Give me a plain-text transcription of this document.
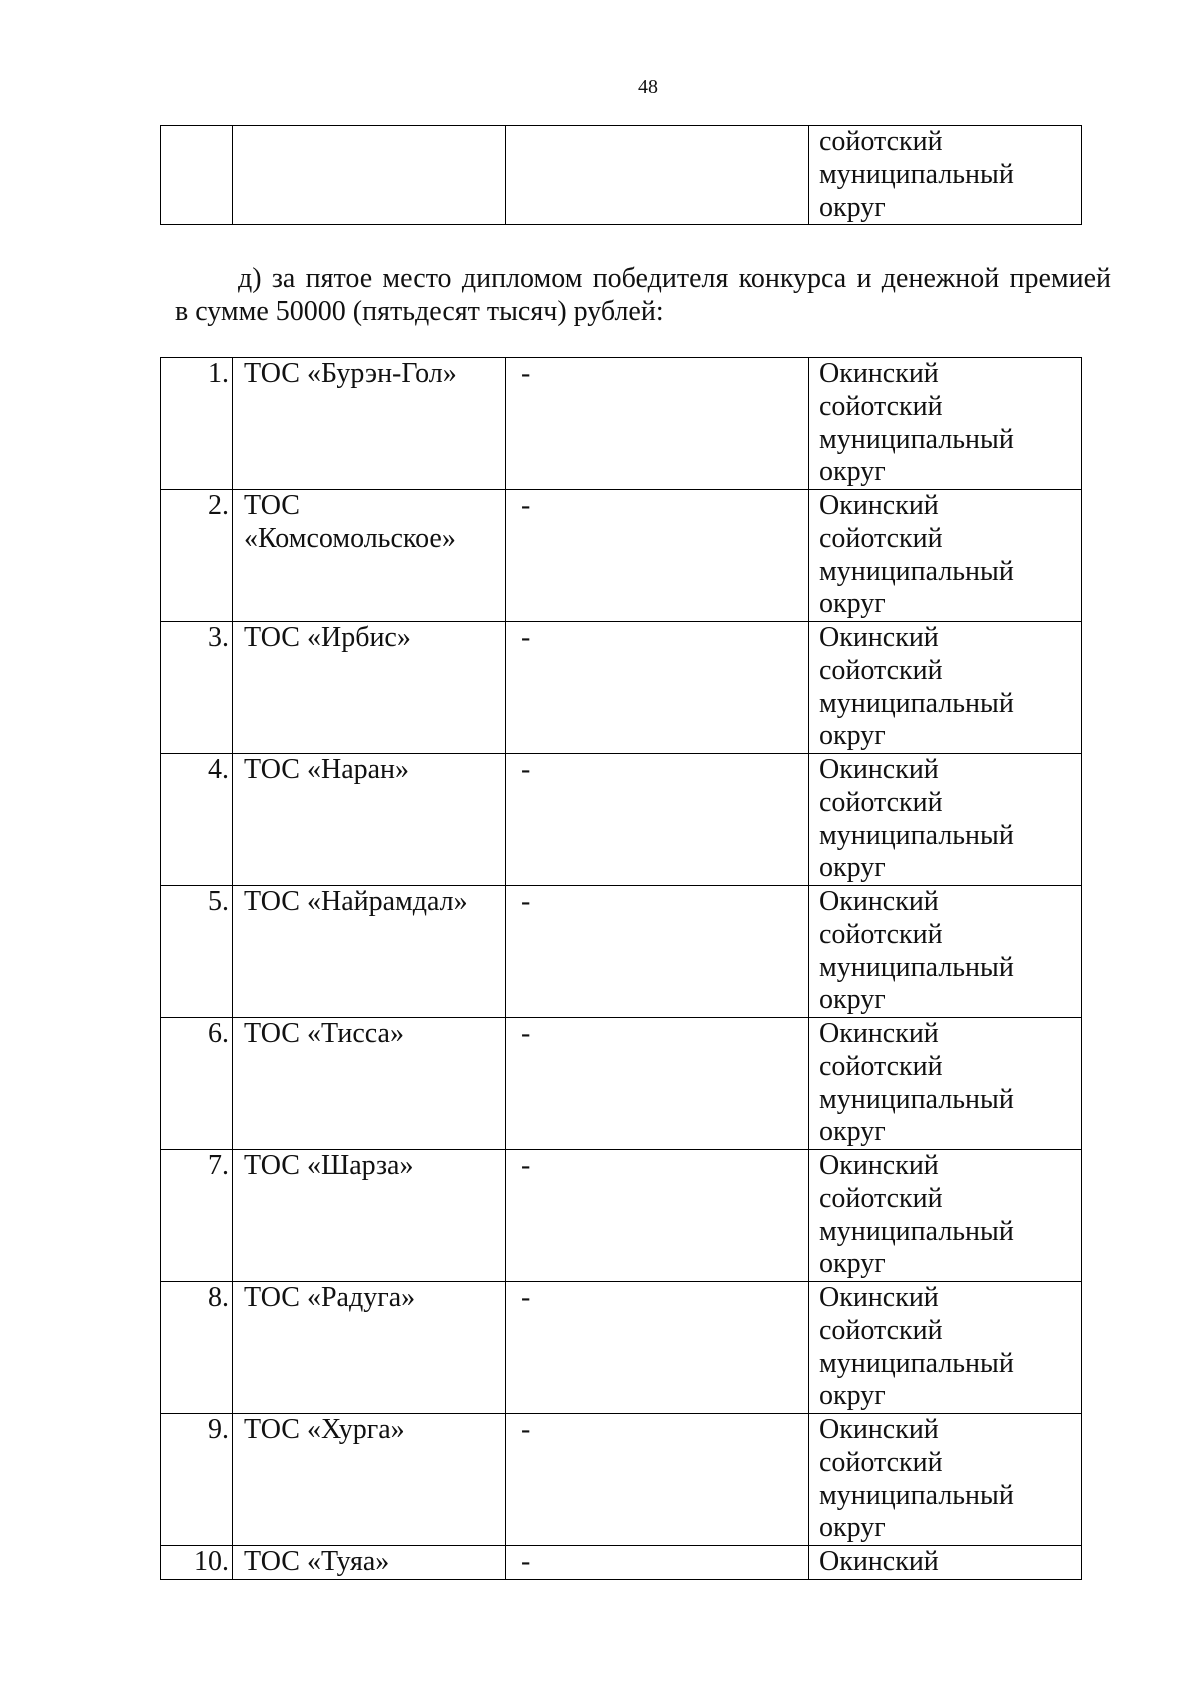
48
			сойотский
муниципальный
округ

д) за пятое место дипломом победителя конкурса и денежной премией
в сумме 50000 (пятьдесят тысяч) рублей:

1.	ТОС «Бурэн-Гол»	-	Окинский
сойотский
муниципальный
округ
2.	ТОС
«Комсомольское»	-	Окинский
сойотский
муниципальный
округ
3.	ТОС «Ирбис»	-	Окинский
сойотский
муниципальный
округ
4.	ТОС «Наран»	-	Окинский
сойотский
муниципальный
округ
5.	ТОС «Найрамдал»	-	Окинский
сойотский
муниципальный
округ
6.	ТОС «Тисса»	-	Окинский
сойотский
муниципальный
округ
7.	ТОС «Шарза»	-	Окинский
сойотский
муниципальный
округ
8.	ТОС «Радуга»	-	Окинский
сойотский
муниципальный
округ
9.	ТОС «Хурга»	-	Окинский
сойотский
муниципальный
округ
10.	ТОС «Туяа»	-	Окинский
